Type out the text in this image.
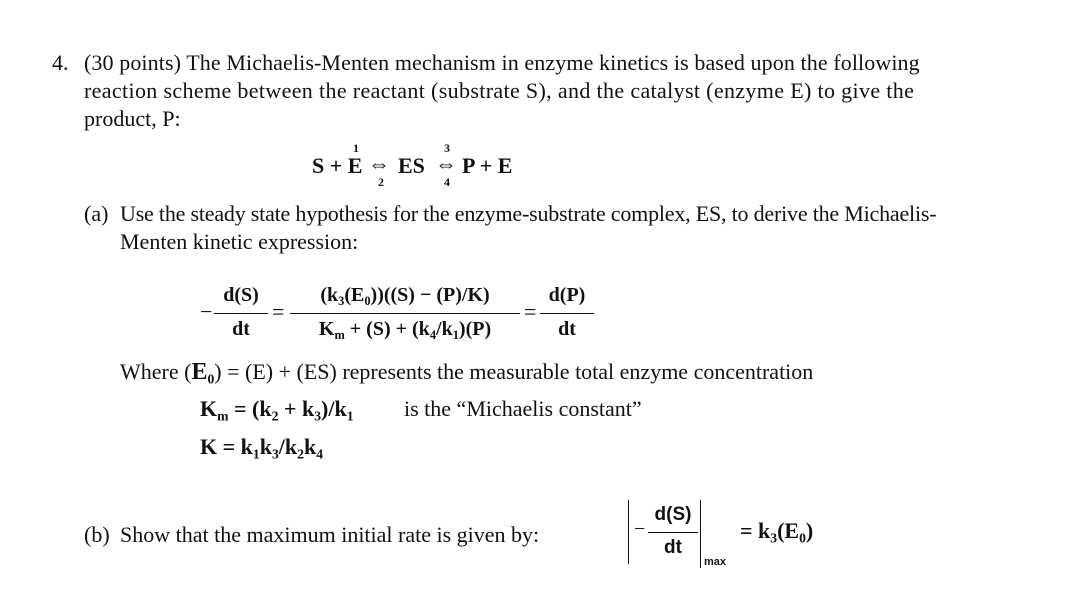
4. (30 points) The Michaelis-Menten mechanism in enzyme kinetics is based upon the following
reaction scheme between the reactant (substrate S), and the catalyst (enzyme E) to give the
product, P:
1	3
S + E ⇔ ES ⇔ P + E
2	4
(a) Use the steady state hypothesis for the enzyme-substrate complex, ES, to derive the Michaelis-
Menten kinetic expression:
−
d(S)
dt
=
$(k_3(E_0))((S) - (P)/K)$
$K_m + (S) + (k_4/k_1)(P)$
=
d(P)
dt
Where $(E_0) = (E) + (ES)$ represents the measurable total enzyme concentration
$K_m = (k_2 + k_3)/k_1$ is the “Michaelis constant”
$K = k_1k_3/k_2k_4$
(b) Show that the maximum initial rate is given by:	−
d(S)
dt
max
= $k_3(E_0)$
